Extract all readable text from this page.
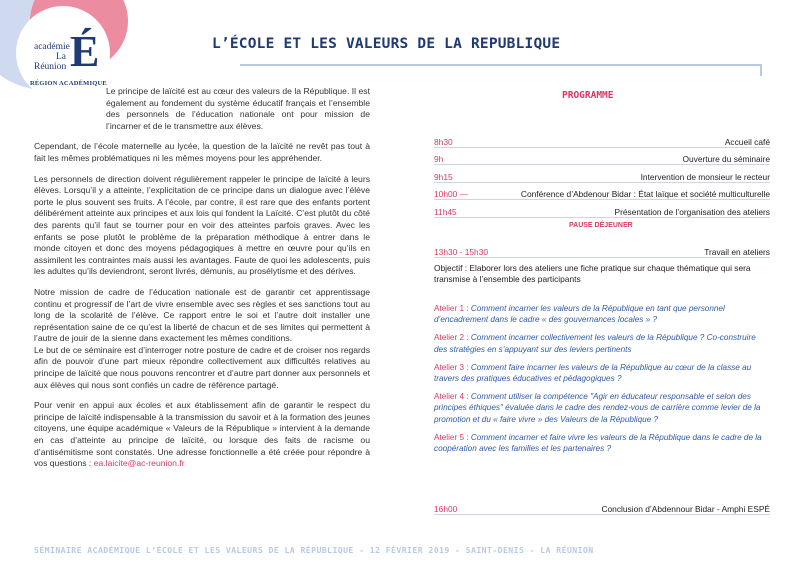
académie
La Réunion É
RÉGION ACADÉMIQUE
L’ÉCOLE ET LES VALEURS DE LA REPUBLIQUE

Le principe de laïcité est au cœur des valeurs de la République. Il est également au fondement du système éducatif français et l’ensemble des personnels de l’éducation nationale ont pour mission de l’incarner et de le transmettre aux élèves.

Cependant, de l’école maternelle au lycée, la question de la laïcité ne revêt pas tout à fait les mêmes problématiques ni les mêmes moyens pour les appréhender.

Les personnels de direction doivent régulièrement rappeler le principe de laïcité à leurs élèves. Lorsqu’il y a atteinte, l’explicitation de ce principe dans un dialogue avec l’élève porte le plus souvent ses fruits. A l’école, par contre, il est rare que des enfants portent délibérément atteinte aux principes et aux lois qui fondent la Laïcité. C’est plutôt du côté des parents qu’il faut se tourner pour en voir des atteintes parfois graves. Avec les enfants se pose plutôt le problème de la préparation méthodique à entrer dans le monde citoyen et donc des moyens pédagogiques à mettre en œuvre pour qu’ils en assimilent les contraintes mais aussi les avantages. Faute de quoi les adolescents, puis les adultes qu’ils deviendront, seront livrés, démunis, au prosélytisme et des dérives.

Notre mission de cadre de l’éducation nationale est de garantir cet apprentissage continu et progressif de l’art de vivre ensemble avec ses règles et ses sanctions tout au long de la scolarité de l’élève. Ce rapport entre le soi et l’autre doit installer une représentation saine de ce qu’est la liberté de chacun et de ses limites qui permettent à l’autre de jouir de la sienne dans exactement les mêmes conditions.

Le but de ce séminaire est d’interroger notre posture de cadre et de croiser nos regards afin de pouvoir d’une part mieux répondre collectivement aux difficultés relatives au principe de laïcité que nous pouvons rencontrer et d’autre part donner aux personnels et aux élèves qui nous sont confiés un cadre de référence partagé.

Pour venir en appui aux écoles et aux établissement afin de garantir le respect du principe de laïcité indispensable à la transmission du savoir et à la formation des jeunes citoyens, une équipe académique « Valeurs de la République » intervient à la demande en cas d’atteinte au principe de laïcité, ou lorsque des faits de racisme ou d’antisémitisme sont constatés. Une adresse fonctionnelle a été créée pour répondre à vos questions : ea.laicite@ac-reunion.fr

PROGRAMME
8h30	Accueil café
9h	Ouverture du séminaire
9h15	Intervention de monsieur le recteur
10h00 —	Conférence d’Abdenour Bidar : État laïque et société multiculturelle
11h45	Présentation de l’organisation des ateliers
PAUSE DÉJEUNER
13h30 - 15h30	Travail en ateliers
Objectif : Elaborer lors des ateliers une fiche pratique sur chaque thématique qui sera transmise à l’ensemble des participants
Atelier 1 : Comment incarner les valeurs de la République en tant que personnel d’encadrement dans le cadre « des gouvernances locales » ?
Atelier 2 : Comment incarner collectivement les valeurs de la République ? Co-construire des stratégies en s’appuyant sur des leviers pertinents
Atelier 3 : Comment faire incarner les valeurs de la République au cœur de la classe au travers des pratiques éducatives et pédagogiques ?
Atelier 4 : Comment utiliser la compétence "Agir en éducateur responsable et selon des principes éthiques" évaluée dans le cadre des rendez-vous de carrière comme levier de la promotion et du « faire vivre » des Valeurs de la République ?
Atelier 5 : Comment incarner et faire vivre les valeurs de la République dans le cadre de la coopération avec les familles et les partenaires ?
16h00	Conclusion d’Abdennour Bidar - Amphi ESPÉ
SÉMINAIRE ACADÉMIQUE L’ÉCOLE ET LES VALEURS DE LA RÉPUBLIQUE - 12 FÉVRIER 2019 - SAINT-DENIS - LA RÉUNION
